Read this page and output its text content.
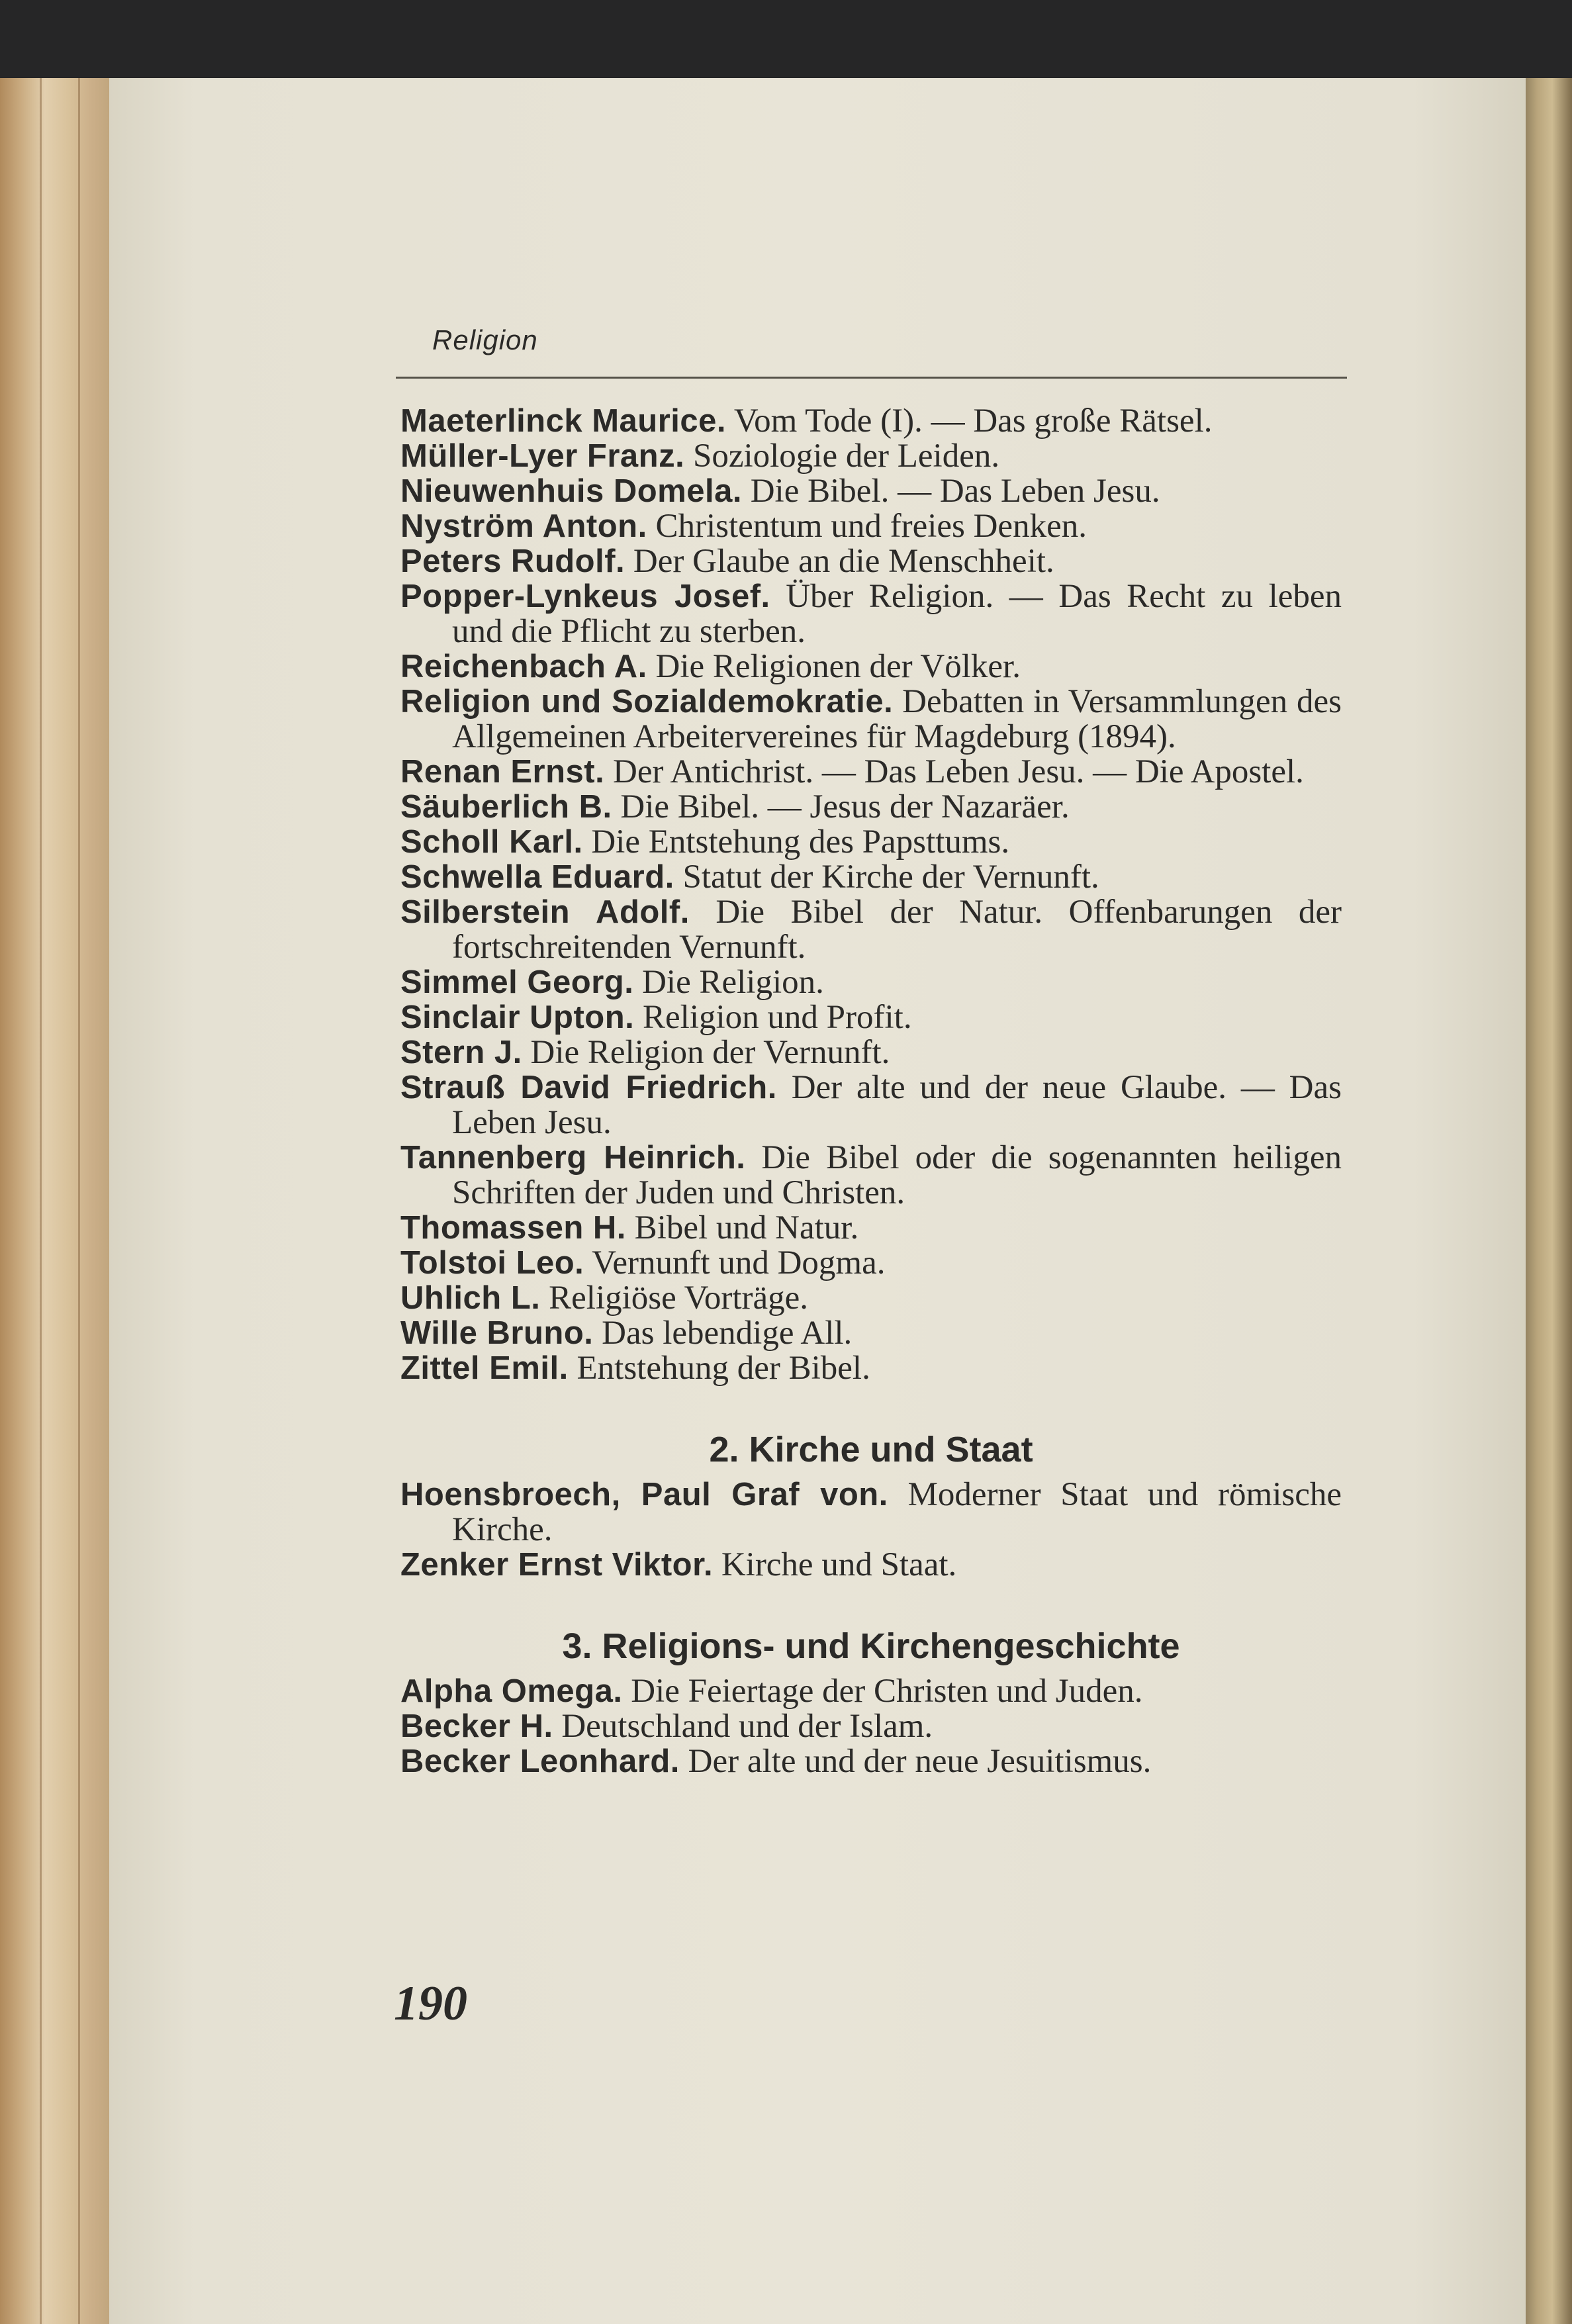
Religion
Maeterlinck Maurice. Vom Tode (I). — Das große Rätsel.
Müller-Lyer Franz. Soziologie der Leiden.
Nieuwenhuis Domela. Die Bibel. — Das Leben Jesu.
Nyström Anton. Christentum und freies Denken.
Peters Rudolf. Der Glaube an die Menschheit.
Popper-Lynkeus Josef. Über Religion. — Das Recht zu leben und die Pflicht zu sterben.
Reichenbach A. Die Religionen der Völker.
Religion und Sozialdemokratie. Debatten in Versammlungen des Allgemeinen Arbeitervereines für Magdeburg (1894).
Renan Ernst. Der Antichrist. — Das Leben Jesu. — Die Apostel.
Säuberlich B. Die Bibel. — Jesus der Nazaräer.
Scholl Karl. Die Entstehung des Papsttums.
Schwella Eduard. Statut der Kirche der Vernunft.
Silberstein Adolf. Die Bibel der Natur. Offenbarungen der fortschreitenden Vernunft.
Simmel Georg. Die Religion.
Sinclair Upton. Religion und Profit.
Stern J. Die Religion der Vernunft.
Strauß David Friedrich. Der alte und der neue Glaube. — Das Leben Jesu.
Tannenberg Heinrich. Die Bibel oder die sogenannten heiligen Schriften der Juden und Christen.
Thomassen H. Bibel und Natur.
Tolstoi Leo. Vernunft und Dogma.
Uhlich L. Religiöse Vorträge.
Wille Bruno. Das lebendige All.
Zittel Emil. Entstehung der Bibel.
2. Kirche und Staat
Hoensbroech, Paul Graf von. Moderner Staat und römische Kirche.
Zenker Ernst Viktor. Kirche und Staat.
3. Religions- und Kirchengeschichte
Alpha Omega. Die Feiertage der Christen und Juden.
Becker H. Deutschland und der Islam.
Becker Leonhard. Der alte und der neue Jesuitismus.
190
